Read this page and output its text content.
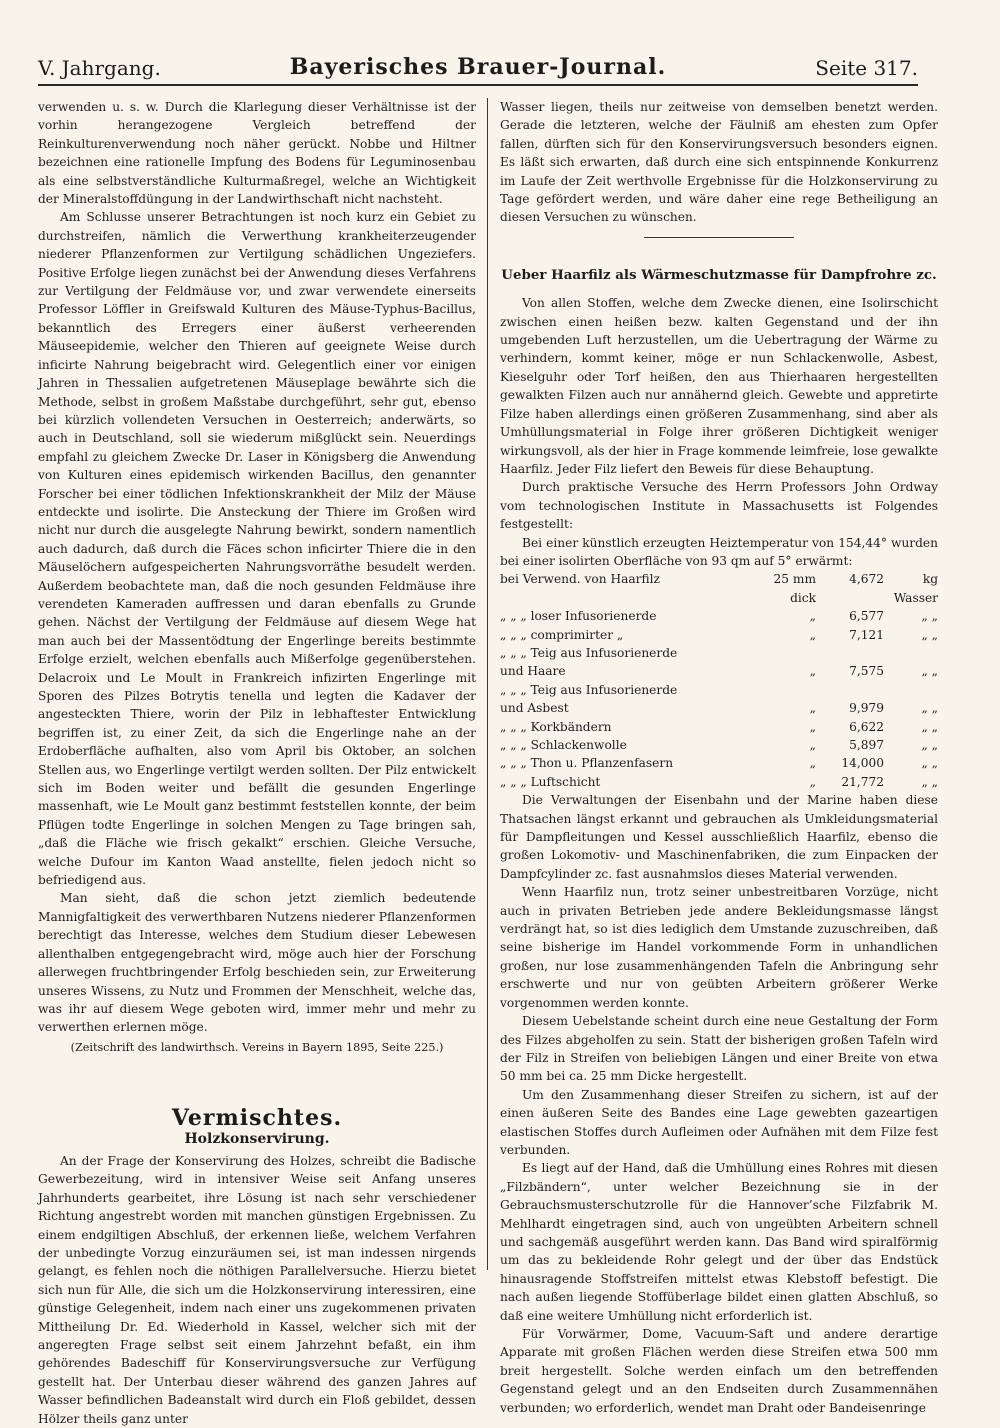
V. Jahrgang.	Bayerisches Brauer-Journal.	Seite 317.

verwenden u. s. w. Durch die Klarlegung dieser Verhältnisse ist der vorhin herangezogene Vergleich betreffend der Reinkulturenverwendung noch näher gerückt. Nobbe und Hiltner bezeichnen eine rationelle Impfung des Bodens für Leguminosenbau als eine selbstverständliche Kulturmaßregel, welche an Wichtigkeit der Mineralstoffdüngung in der Landwirthschaft nicht nachsteht.

Am Schlusse unserer Betrachtungen ist noch kurz ein Gebiet zu durchstreifen, nämlich die Verwerthung krankheiterzeugender niederer Pflanzenformen zur Vertilgung schädlichen Ungeziefers. Positive Erfolge liegen zunächst bei der Anwendung dieses Verfahrens zur Vertilgung der Feldmäuse vor, und zwar verwendete einerseits Professor Löffler in Greifswald Kulturen des Mäuse-Typhus-Bacillus, bekanntlich des Erregers einer äußerst verheerenden Mäuseepidemie, welcher den Thieren auf geeignete Weise durch inficirte Nahrung beigebracht wird. Gelegentlich einer vor einigen Jahren in Thessalien aufgetretenen Mäuseplage bewährte sich die Methode, selbst in großem Maßstabe durchgeführt, sehr gut, ebenso bei kürzlich vollendeten Versuchen in Oesterreich; anderwärts, so auch in Deutschland, soll sie wiederum mißglückt sein. Neuerdings empfahl zu gleichem Zwecke Dr. Laser in Königsberg die Anwendung von Kulturen eines epidemisch wirkenden Bacillus, den genannter Forscher bei einer tödlichen Infektionskrankheit der Milz der Mäuse entdeckte und isolirte. Die Ansteckung der Thiere im Großen wird nicht nur durch die ausgelegte Nahrung bewirkt, sondern namentlich auch dadurch, daß durch die Fäces schon inficirter Thiere die in den Mäuselöchern aufgespeicherten Nahrungsvorräthe besudelt werden. Außerdem beobachtete man, daß die noch gesunden Feldmäuse ihre verendeten Kameraden auffressen und daran ebenfalls zu Grunde gehen. Nächst der Vertilgung der Feldmäuse auf diesem Wege hat man auch bei der Massentödtung der Engerlinge bereits bestimmte Erfolge erzielt, welchen ebenfalls auch Mißerfolge gegenüberstehen. Delacroix und Le Moult in Frankreich infizirten Engerlinge mit Sporen des Pilzes Botrytis tenella und legten die Kadaver der angesteckten Thiere, worin der Pilz in lebhaftester Entwicklung begriffen ist, zu einer Zeit, da sich die Engerlinge nahe an der Erdoberfläche aufhalten, also vom April bis Oktober, an solchen Stellen aus, wo Engerlinge vertilgt werden sollten. Der Pilz entwickelt sich im Boden weiter und befällt die gesunden Engerlinge massenhaft, wie Le Moult ganz bestimmt feststellen konnte, der beim Pflügen todte Engerlinge in solchen Mengen zu Tage bringen sah, „daß die Fläche wie frisch gekalkt“ erschien. Gleiche Versuche, welche Dufour im Kanton Waad anstellte, fielen jedoch nicht so befriedigend aus.

Man sieht, daß die schon jetzt ziemlich bedeutende Mannigfaltigkeit des verwerthbaren Nutzens niederer Pflanzenformen berechtigt das Interesse, welches dem Studium dieser Lebewesen allenthalben entgegengebracht wird, möge auch hier der Forschung allerwegen fruchtbringender Erfolg beschieden sein, zur Erweiterung unseres Wissens, zu Nutz und Frommen der Menschheit, welche das, was ihr auf diesem Wege geboten wird, immer mehr und mehr zu verwerthen erlernen möge.

(Zeitschrift des landwirthsch. Vereins in Bayern 1895, Seite 225.)

Vermischtes.
Holzkonservirung.

An der Frage der Konservirung des Holzes, schreibt die Badische Gewerbezeitung, wird in intensiver Weise seit Anfang unseres Jahrhunderts gearbeitet, ihre Lösung ist nach sehr verschiedener Richtung angestrebt worden mit manchen günstigen Ergebnissen. Zu einem endgiltigen Abschluß, der erkennen ließe, welchem Verfahren der unbedingte Vorzug einzuräumen sei, ist man indessen nirgends gelangt, es fehlen noch die nöthigen Parallelversuche. Hierzu bietet sich nun für Alle, die sich um die Holzkonservirung interessiren, eine günstige Gelegenheit, indem nach einer uns zugekommenen privaten Mittheilung Dr. Ed. Wiederhold in Kassel, welcher sich mit der angeregten Frage selbst seit einem Jahrzehnt befaßt, ein ihm gehörendes Badeschiff für Konservirungsversuche zur Verfügung gestellt hat. Der Unterbau dieser während des ganzen Jahres auf Wasser befindlichen Badeanstalt wird durch ein Floß gebildet, dessen Hölzer theils ganz unter

Wasser liegen, theils nur zeitweise von demselben benetzt werden. Gerade die letzteren, welche der Fäulniß am ehesten zum Opfer fallen, dürften sich für den Konservirungsversuch besonders eignen. Es läßt sich erwarten, daß durch eine sich entspinnende Konkurrenz im Laufe der Zeit werthvolle Ergebnisse für die Holzkonservirung zu Tage gefördert werden, und wäre daher eine rege Betheiligung an diesen Versuchen zu wünschen.

Ueber Haarfilz als Wärmeschutzmasse für Dampfrohre zc.

Von allen Stoffen, welche dem Zwecke dienen, eine Isolirschicht zwischen einen heißen bezw. kalten Gegenstand und der ihn umgebenden Luft herzustellen, um die Uebertragung der Wärme zu verhindern, kommt keiner, möge er nun Schlackenwolle, Asbest, Kieselguhr oder Torf heißen, den aus Thierhaaren hergestellten gewalkten Filzen auch nur annähernd gleich. Gewebte und appretirte Filze haben allerdings einen größeren Zusammenhang, sind aber als Umhüllungsmaterial in Folge ihrer größeren Dichtigkeit weniger wirkungsvoll, als der hier in Frage kommende leimfreie, lose gewalkte Haarfilz. Jeder Filz liefert den Beweis für diese Behauptung.

Durch praktische Versuche des Herrn Professors John Ordway vom technologischen Institute in Massachusetts ist Folgendes festgestellt:

Bei einer künstlich erzeugten Heiztemperatur von 154,44° wurden bei einer isolirten Oberfläche von 93 qm auf 5° erwärmt:

bei Verwend. von Haarfilz	25 mm dick	4,672	kg Wasser
„ „ „ loser Infusorienerde	„	6,577	„ „
„ „ „ comprimirter „	„	7,121	„ „
„ „ „ Teig aus Infusorienerde			
und Haare	„	7,575	„ „
„ „ „ Teig aus Infusorienerde			
und Asbest	„	9,979	„ „
„ „ „ Korkbändern	„	6,622	„ „
„ „ „ Schlackenwolle	„	5,897	„ „
„ „ „ Thon u. Pflanzenfasern	„	14,000	„ „
„ „ „ Luftschicht	„	21,772	„ „

Die Verwaltungen der Eisenbahn und der Marine haben diese Thatsachen längst erkannt und gebrauchen als Umkleidungsmaterial für Dampfleitungen und Kessel ausschließlich Haarfilz, ebenso die großen Lokomotiv- und Maschinenfabriken, die zum Einpacken der Dampfcylinder zc. fast ausnahmslos dieses Material verwenden.

Wenn Haarfilz nun, trotz seiner unbestreitbaren Vorzüge, nicht auch in privaten Betrieben jede andere Bekleidungsmasse längst verdrängt hat, so ist dies lediglich dem Umstande zuzuschreiben, daß seine bisherige im Handel vorkommende Form in unhandlichen großen, nur lose zusammenhängenden Tafeln die Anbringung sehr erschwerte und nur von geübten Arbeitern größerer Werke vorgenommen werden konnte.

Diesem Uebelstande scheint durch eine neue Gestaltung der Form des Filzes abgeholfen zu sein. Statt der bisherigen großen Tafeln wird der Filz in Streifen von beliebigen Längen und einer Breite von etwa 50 mm bei ca. 25 mm Dicke hergestellt.

Um den Zusammenhang dieser Streifen zu sichern, ist auf der einen äußeren Seite des Bandes eine Lage gewebten gazeartigen elastischen Stoffes durch Aufleimen oder Aufnähen mit dem Filze fest verbunden.

Es liegt auf der Hand, daß die Umhüllung eines Rohres mit diesen „Filzbändern“, unter welcher Bezeichnung sie in der Gebrauchsmusterschutzrolle für die Hannover’sche Filzfabrik M. Mehlhardt eingetragen sind, auch von ungeübten Arbeitern schnell und sachgemäß ausgeführt werden kann. Das Band wird spiralförmig um das zu bekleidende Rohr gelegt und der über das Endstück hinausragende Stoffstreifen mittelst etwas Klebstoff befestigt. Die nach außen liegende Stoffüberlage bildet einen glatten Abschluß, so daß eine weitere Umhüllung nicht erforderlich ist.

Für Vorwärmer, Dome, Vacuum-Saft und andere derartige Apparate mit großen Flächen werden diese Streifen etwa 500 mm breit hergestellt. Solche werden einfach um den betreffenden Gegenstand gelegt und an den Endseiten durch Zusammennähen verbunden; wo erforderlich, wendet man Draht oder Bandeisenringe
